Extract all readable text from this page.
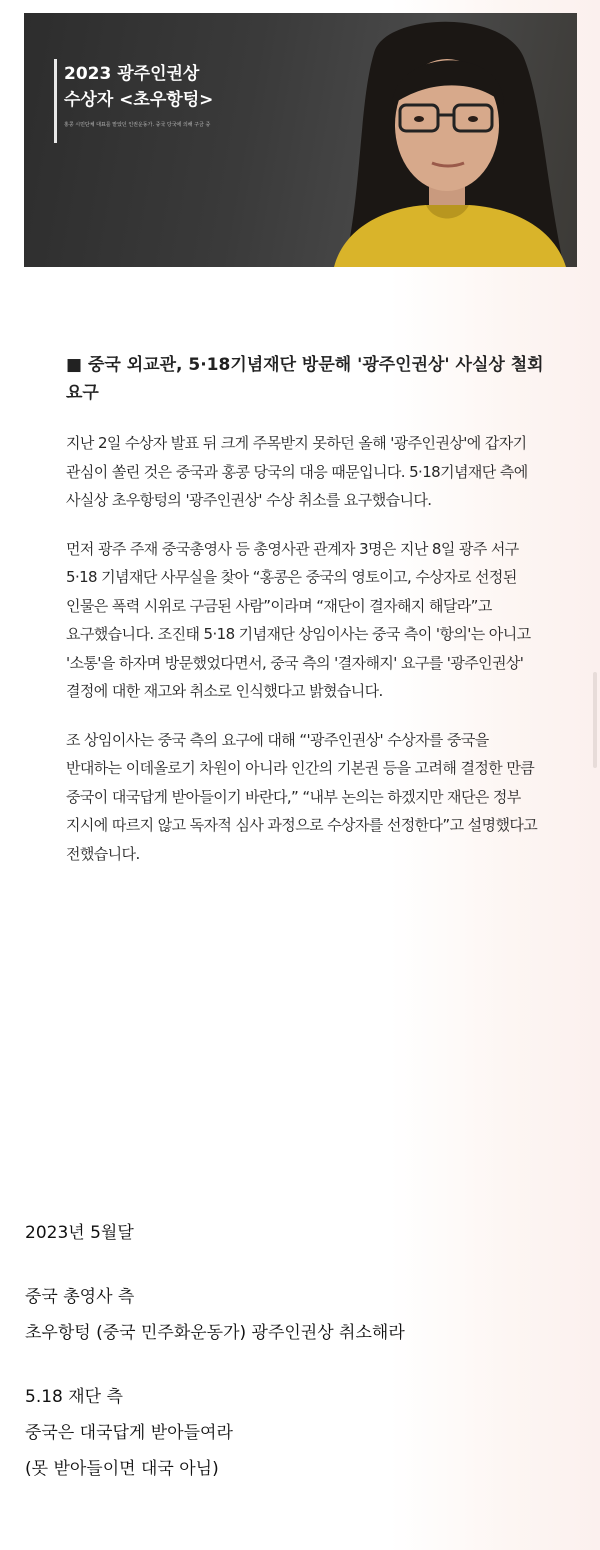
2023 광주인권상
수상자 <초우항텅>
홍콩 시민단체 대표를 맡았던 인권운동가. 중국 당국에 의해 구금 중

■ 중국 외교관, 5·18기념재단 방문해 '광주인권상' 사실상 철회 요구

지난 2일 수상자 발표 뒤 크게 주목받지 못하던 올해 '광주인권상'에 갑자기 관심이 쏠린 것은 중국과 홍콩 당국의 대응 때문입니다. 5·18기념재단 측에 사실상 초우항텅의 '광주인권상' 수상 취소를 요구했습니다.

먼저 광주 주재 중국총영사 등 총영사관 관계자 3명은 지난 8일 광주 서구 5·18 기념재단 사무실을 찾아 “홍콩은 중국의 영토이고, 수상자로 선정된 인물은 폭력 시위로 구금된 사람”이라며 “재단이 결자해지 해달라”고 요구했습니다. 조진태 5·18 기념재단 상임이사는 중국 측이 '항의'는 아니고 '소통'을 하자며 방문했었다면서, 중국 측의 '결자해지' 요구를 '광주인권상' 결정에 대한 재고와 취소로 인식했다고 밝혔습니다.

조 상임이사는 중국 측의 요구에 대해 “'광주인권상' 수상자를 중국을 반대하는 이데올로기 차원이 아니라 인간의 기본권 등을 고려해 결정한 만큼 중국이 대국답게 받아들이기 바란다,” “내부 논의는 하겠지만 재단은 정부 지시에 따르지 않고 독자적 심사 과정으로 수상자를 선정한다”고 설명했다고 전했습니다.

2023년 5월달
중국 총영사 측
초우항텅 (중국 민주화운동가) 광주인권상 취소해라
5.18 재단 측
중국은 대국답게 받아들여라
(못 받아들이면 대국 아님)
